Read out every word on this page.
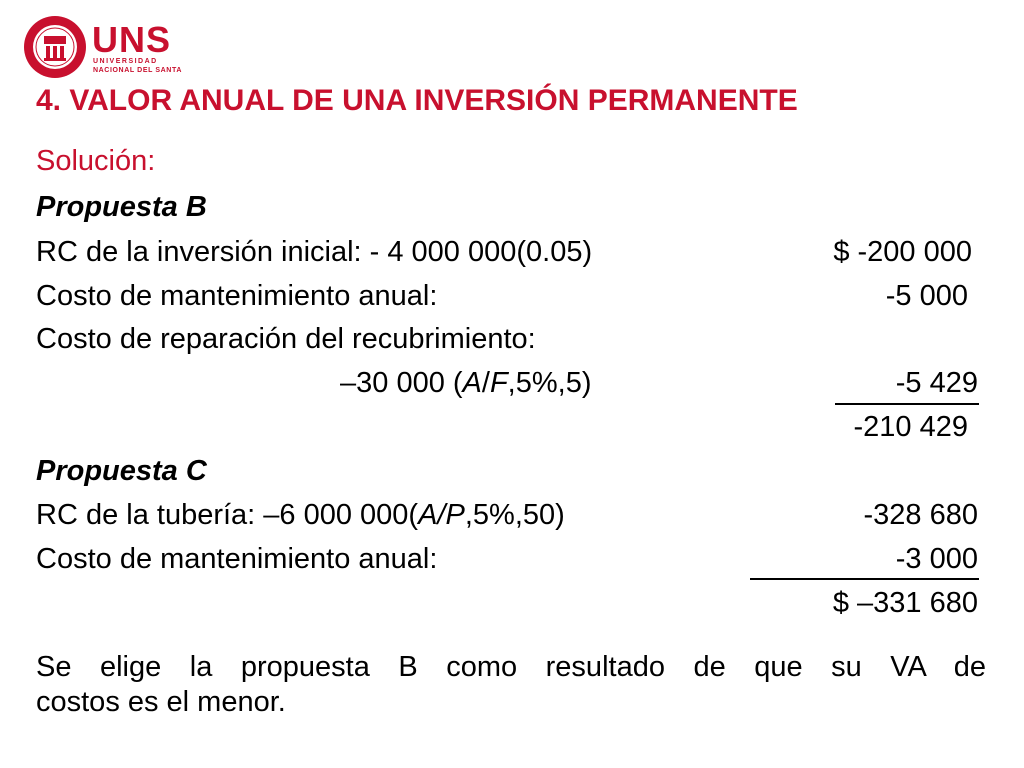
UNS
UNIVERSIDAD
NACIONAL DEL SANTA
4. VALOR ANUAL DE UNA INVERSIÓN PERMANENTE
Solución:
Propuesta B
RC de la inversión inicial: - 4 000 000(0.05)	$ -200 000
Costo de mantenimiento anual:	-5 000
Costo de reparación del recubrimiento:
–30 000 (A/F,5%,5)	-5 429
-210 429
Propuesta C
RC de la tubería: –6 000 000(A/P,5%,50)	-328 680
Costo de mantenimiento anual:	-3 000
$ –331 680
Se elige la propuesta B como resultado de que su VA de
costos es el menor.
